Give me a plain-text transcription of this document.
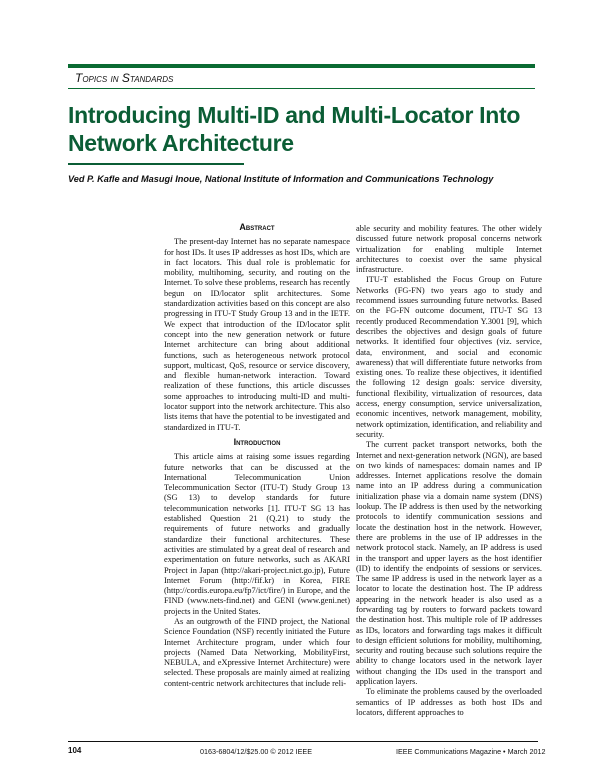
Topics in Standards
Introducing Multi-ID and Multi-Locator Into Network Architecture
Ved P. Kafle and Masugi Inoue, National Institute of Information and Communications Technology
Abstract

The present-day Internet has no separate namespace for host IDs. It uses IP addresses as host IDs, which are in fact locators. This dual role is problematic for mobility, multihoming, security, and routing on the Internet. To solve these problems, research has recently begun on ID/locator split architectures. Some standardization activities based on this concept are also progressing in ITU-T Study Group 13 and in the IETF. We expect that introduction of the ID/locator split concept into the new generation network or future Internet architecture can bring about additional functions, such as heterogeneous network protocol support, multicast, QoS, resource or service discovery, and flexible human-network interaction. Toward realization of these functions, this article discusses some approaches to introducing multi-ID and multi-locator support into the network architecture. This also lists items that have the potential to be investigated and standardized in ITU-T.

Introduction

This article aims at raising some issues regarding future networks that can be discussed at the International Telecommunication Union Telecommunication Sector (ITU-T) Study Group 13 (SG 13) to develop standards for future telecommunication networks [1]. ITU-T SG 13 has established Question 21 (Q.21) to study the requirements of future networks and gradually standardize their functional architectures. These activities are stimulated by a great deal of research and experimentation on future networks, such as AKARI Project in Japan (http://akari-project.nict.go.jp), Future Internet Forum (http://fif.kr) in Korea, FIRE (http://cordis.europa.eu/fp7/ict/fire/) in Europe, and the FIND (www.nets-find.net) and GENI (www.geni.net) projects in the United States.

As an outgrowth of the FIND project, the National Science Foundation (NSF) recently initiated the Future Internet Architecture program, under which four projects (Named Data Networking, MobilityFirst, NEBULA, and eXpressive Internet Architecture) were selected. These proposals are mainly aimed at realizing content-centric network architectures that include reli-

able security and mobility features. The other widely discussed future network proposal concerns network virtualization for enabling multiple Internet architectures to coexist over the same physical infrastructure.

ITU-T established the Focus Group on Future Networks (FG-FN) two years ago to study and recommend issues surrounding future networks. Based on the FG-FN outcome document, ITU-T SG 13 recently produced Recommendation Y.3001 [9], which describes the objectives and design goals of future networks. It identified four objectives (viz. service, data, environment, and social and economic awareness) that will differentiate future networks from existing ones. To realize these objectives, it identified the following 12 design goals: service diversity, functional flexibility, virtualization of resources, data access, energy consumption, service universalization, economic incentives, network management, mobility, network optimization, identification, and reliability and security.

The current packet transport networks, both the Internet and next-generation network (NGN), are based on two kinds of namespaces: domain names and IP addresses. Internet applications resolve the domain name into an IP address during a communication initialization phase via a domain name system (DNS) lookup. The IP address is then used by the networking protocols to identify communication sessions and locate the destination host in the network. However, there are problems in the use of IP addresses in the network protocol stack. Namely, an IP address is used in the transport and upper layers as the host identifier (ID) to identify the endpoints of sessions or services. The same IP address is used in the network layer as a locator to locate the destination host. The IP address appearing in the network header is also used as a forwarding tag by routers to forward packets toward the destination host. This multiple role of IP addresses as IDs, locators and forwarding tags makes it difficult to design efficient solutions for mobility, multihoming, security and routing because such solutions require the ability to change locators used in the network layer without changing the IDs used in the transport and application layers.

To eliminate the problems caused by the overloaded semantics of IP addresses as both host IDs and locators, different approaches to

104	0163-6804/12/$25.00 © 2012 IEEE	IEEE Communications Magazine • March 2012
